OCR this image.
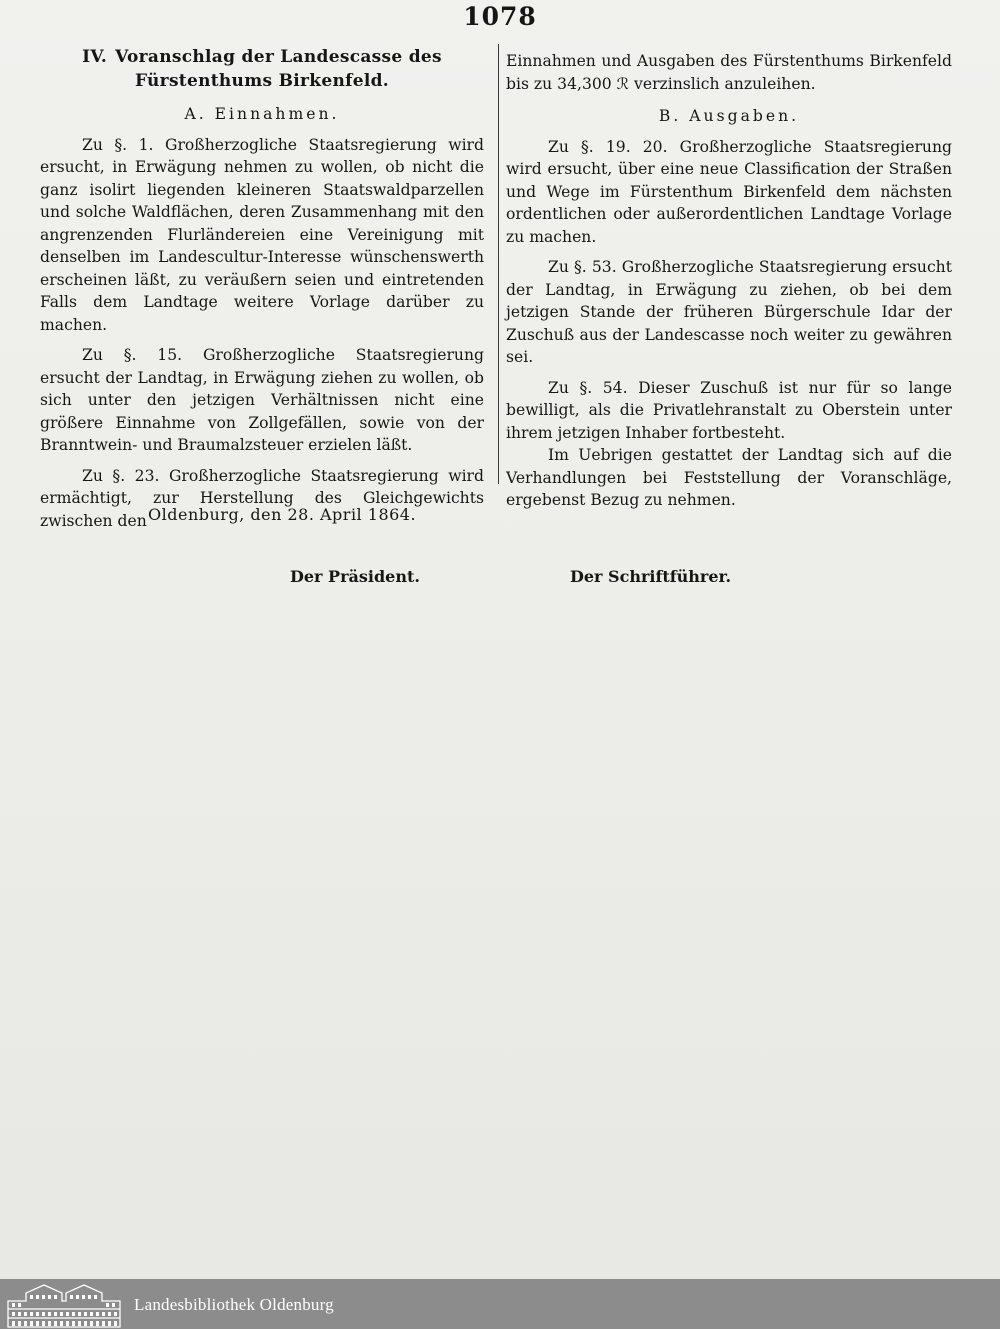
1078

IV. Voranschlag der Landescasse des Fürstenthums Birkenfeld.

A. Einnahmen.

Zu §. 1. Großherzogliche Staatsregierung wird ersucht, in Erwägung nehmen zu wollen, ob nicht die ganz isolirt liegenden kleineren Staatswaldparzellen und solche Waldflächen, deren Zusammenhang mit den angrenzenden Flurländereien eine Vereinigung mit denselben im Landescultur-Interesse wünschenswerth erscheinen läßt, zu veräußern seien und eintretenden Falls dem Landtage weitere Vorlage darüber zu machen.

Zu §. 15. Großherzogliche Staatsregierung ersucht der Landtag, in Erwägung ziehen zu wollen, ob sich unter den jetzigen Verhältnissen nicht eine größere Einnahme von Zollgefällen, sowie von der Branntwein- und Braumalzsteuer erzielen läßt.

Zu §. 23. Großherzogliche Staatsregierung wird ermächtigt, zur Herstellung des Gleichgewichts zwischen den

Einnahmen und Ausgaben des Fürstenthums Birkenfeld bis zu 34,300 ℛ verzinslich anzuleihen.

B. Ausgaben.

Zu §. 19. 20. Großherzogliche Staatsregierung wird ersucht, über eine neue Classification der Straßen und Wege im Fürstenthum Birkenfeld dem nächsten ordentlichen oder außerordentlichen Landtage Vorlage zu machen.

Zu §. 53. Großherzogliche Staatsregierung ersucht der Landtag, in Erwägung zu ziehen, ob bei dem jetzigen Stande der früheren Bürgerschule Idar der Zuschuß aus der Landescasse noch weiter zu gewähren sei.

Zu §. 54. Dieser Zuschuß ist nur für so lange bewilligt, als die Privatlehranstalt zu Oberstein unter ihrem jetzigen Inhaber fortbesteht.

Im Uebrigen gestattet der Landtag sich auf die Verhandlungen bei Feststellung der Voranschläge, ergebenst Bezug zu nehmen.

Oldenburg, den 28. April 1864.
Der Präsident.	Der Schriftführer.
Landesbibliothek Oldenburg
